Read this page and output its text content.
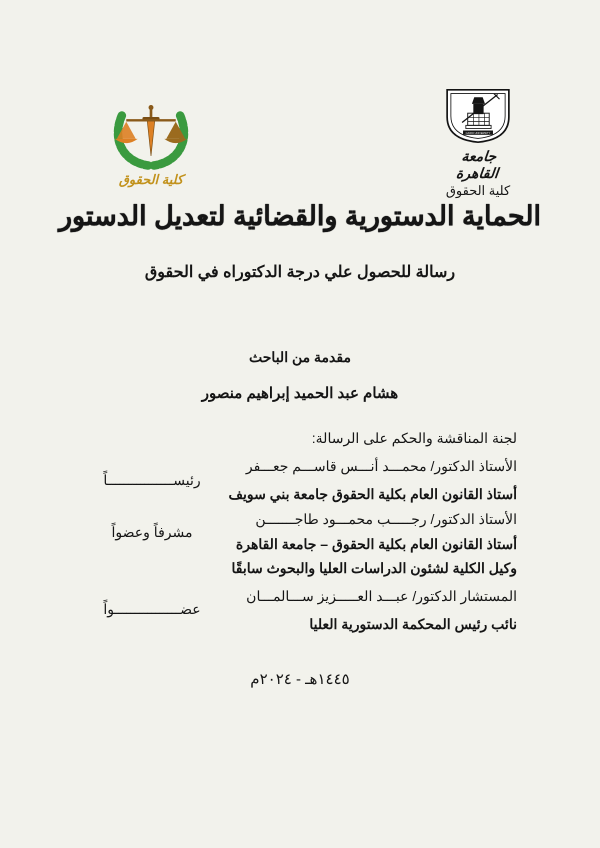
كلية الحقوق
CAIRO UNIVERSITY
جامعة القاهرة
كلية الحقوق
الحماية الدستورية والقضائية لتعديل الدستور
رسالة للحصول علي درجة الدكتوراه في الحقوق
مقدمة من الباحث
هشام عبد الحميد إبراهيم منصور
لجنة المناقشة والحكم على الرسالة:
الأستاذ الدكتور/ محمـــد أنـــس قاســـم جعـــفر
أستاذ القانون العام بكلية الحقوق جامعة بني سويف
رئيســــــــــــــــاً
الأستاذ الدكتور/ رجـــــب محمـــود طاجـــــــن
أستاذ القانون العام بكلية الحقوق – جامعة القاهرة
وكيل الكلية لشئون الدراسات العليا والبحوث سابقًا
مشرفاً وعضواً
المستشار الدكتور/ عبـــد العـــــزيز ســـالمـــان
نائب رئيس المحكمة الدستورية العليا
عضــــــــــــــــواً
١٤٤٥هـ - ٢٠٢٤م
